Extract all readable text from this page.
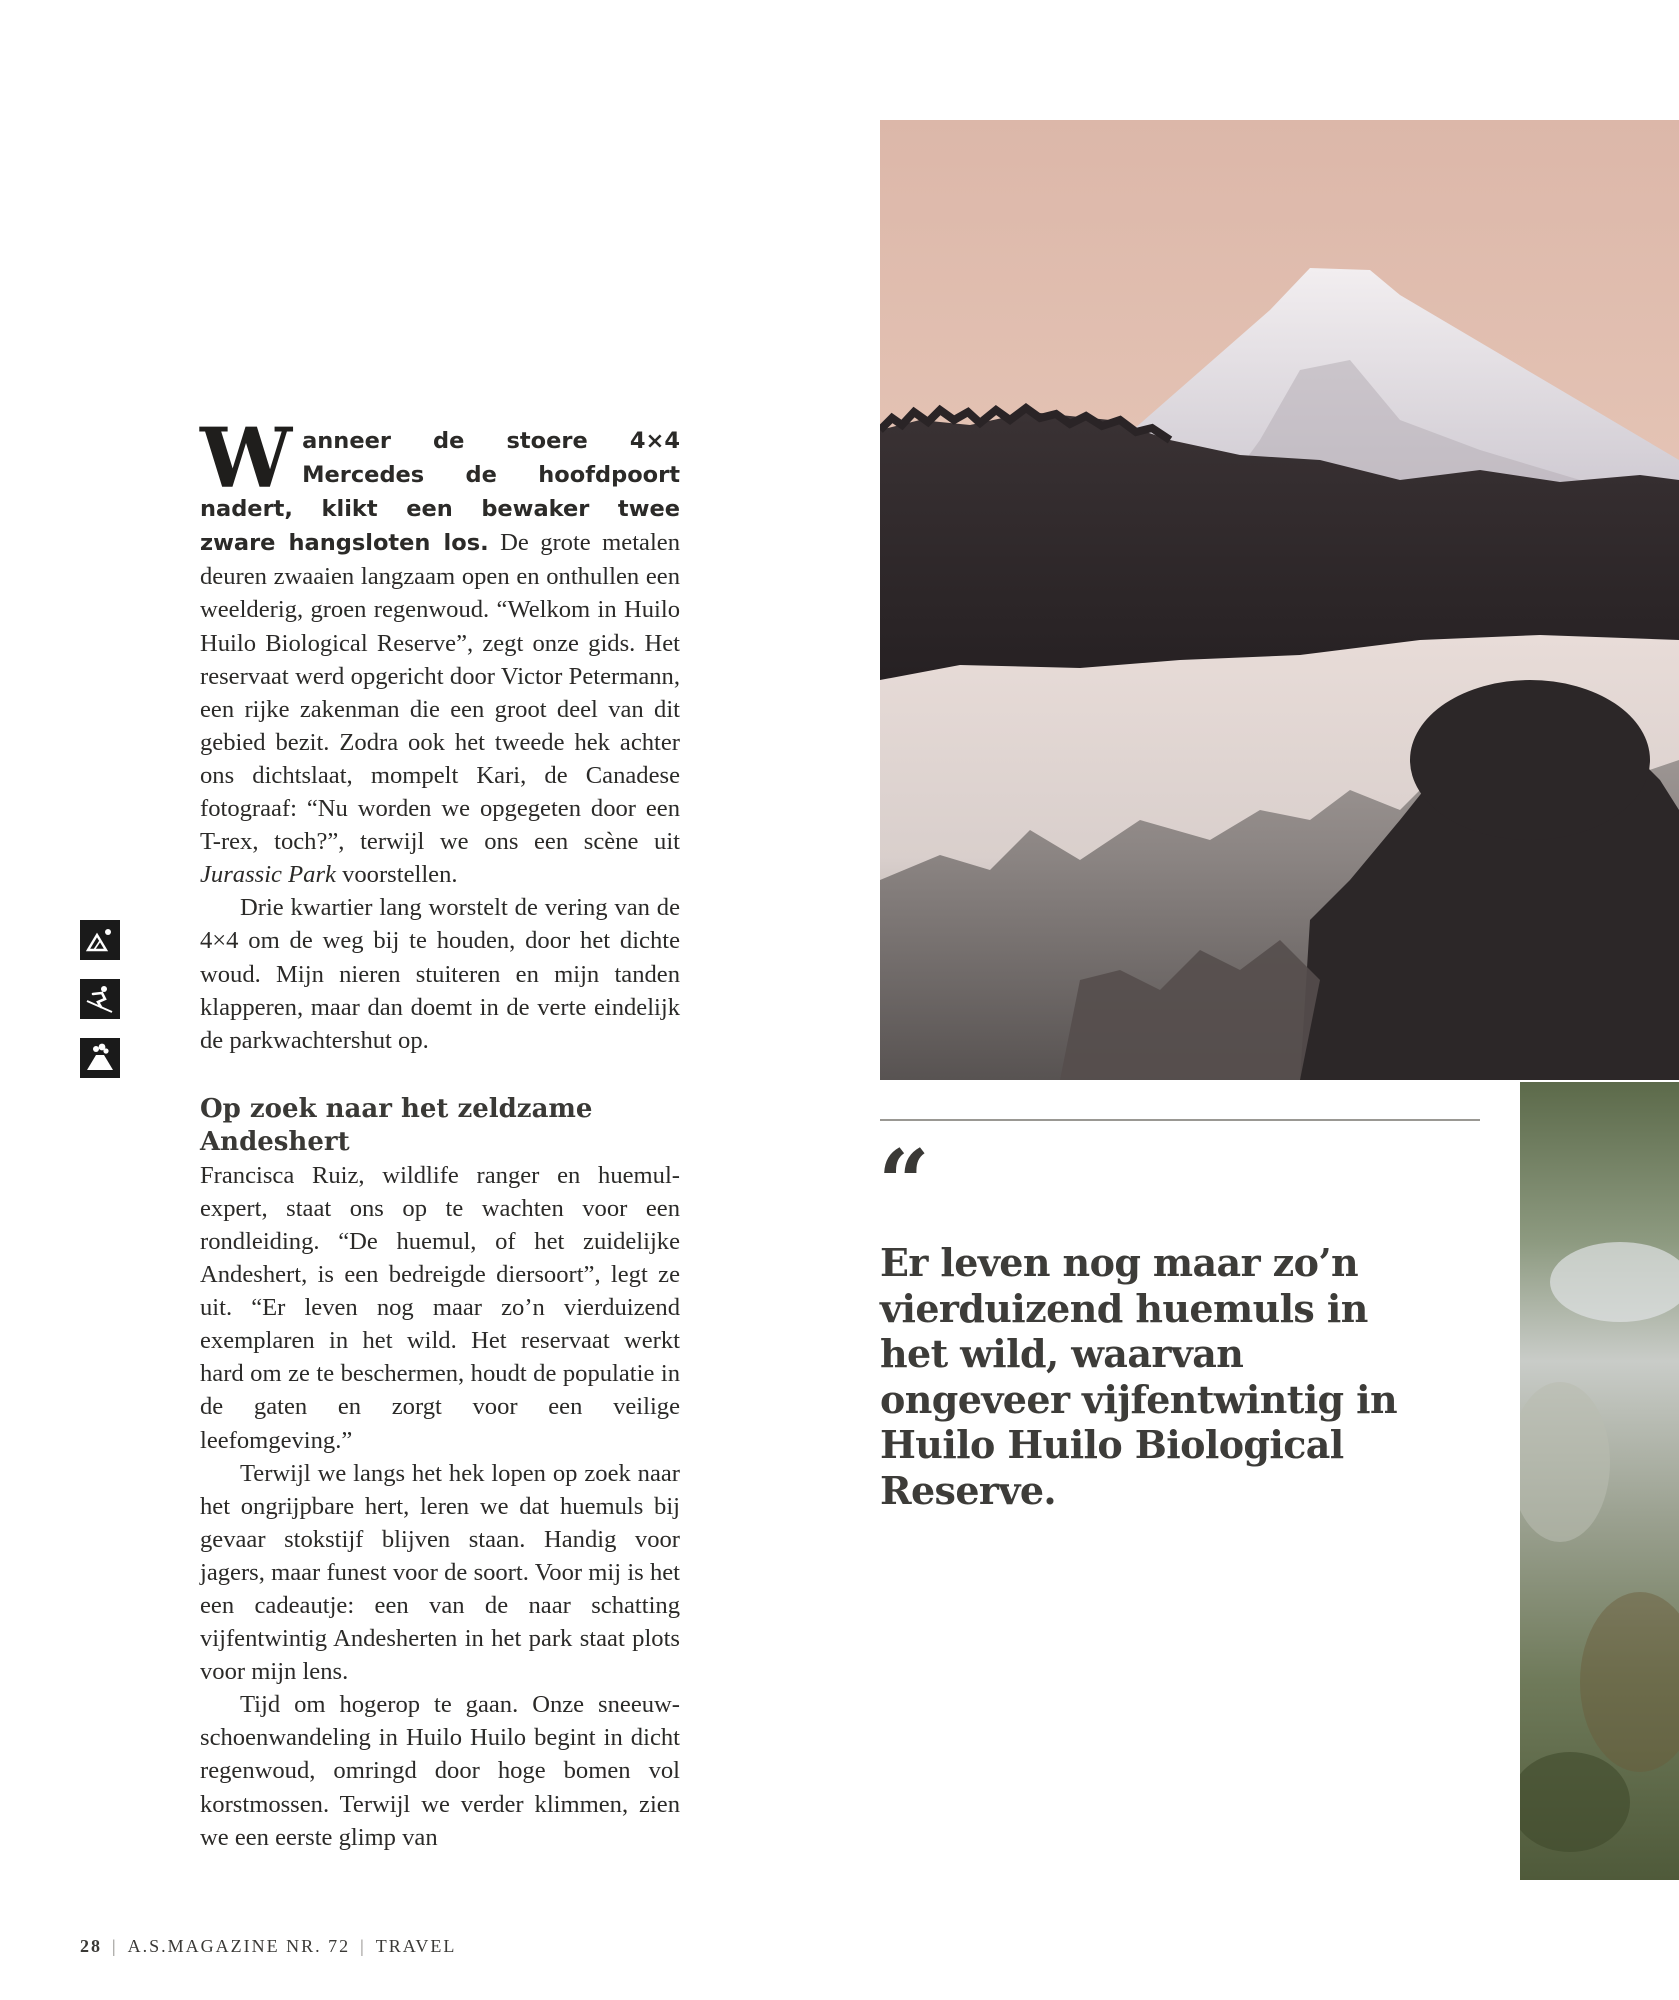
Wanneer de stoere 4×4 Mercedes de hoofdpoort nadert, klikt een bewaker twee zware hangsloten los. De grote metalen deuren zwaaien langzaam open en onthullen een weelderig, groen regenwoud. “Welkom in Huilo Huilo Biological Reserve”, zegt onze gids. Het reservaat werd opgericht door Victor Petermann, een rijke zakenman die een groot deel van dit gebied bezit. Zodra ook het tweede hek achter ons dichtslaat, mompelt Kari, de Canadese fotograaf: “Nu worden we opgegeten door een T-rex, toch?”, terwijl we ons een scène uit Jurassic Park voorstellen.

Drie kwartier lang worstelt de vering van de 4×4 om de weg bij te houden, door het dichte woud. Mijn nieren stuiteren en mijn tanden klapperen, maar dan doemt in de verte eindelijk de parkwachtershut op.

Op zoek naar het zeldzame Andeshert

Francisca Ruiz, wildlife ranger en huemul-expert, staat ons op te wachten voor een rondleiding. “De huemul, of het zuidelijke Andeshert, is een bedreigde diersoort”, legt ze uit. “Er leven nog maar zo’n vierduizend exemplaren in het wild. Het reservaat werkt hard om ze te beschermen, houdt de populatie in de gaten en zorgt voor een veilige leefomgeving.”

Terwijl we langs het hek lopen op zoek naar het ongrijpbare hert, leren we dat huemuls bij gevaar stokstijf blijven staan. Handig voor jagers, maar funest voor de soort. Voor mij is het een cadeautje: een van de naar schatting vijfentwintig Andesherten in het park staat plots voor mijn lens.

Tijd om hogerop te gaan. Onze sneeuwschoenwandeling in Huilo Huilo begint in dicht regenwoud, omringd door hoge bomen vol korstmossen. Terwijl we verder klimmen, zien we een eerste glimp van

“
Er leven nog maar zo’n vierduizend huemuls in het wild, waarvan ongeveer vijfentwintig in Huilo Huilo Biological Reserve.
28 | A.S.MAGAZINE NR. 72 | TRAVEL
